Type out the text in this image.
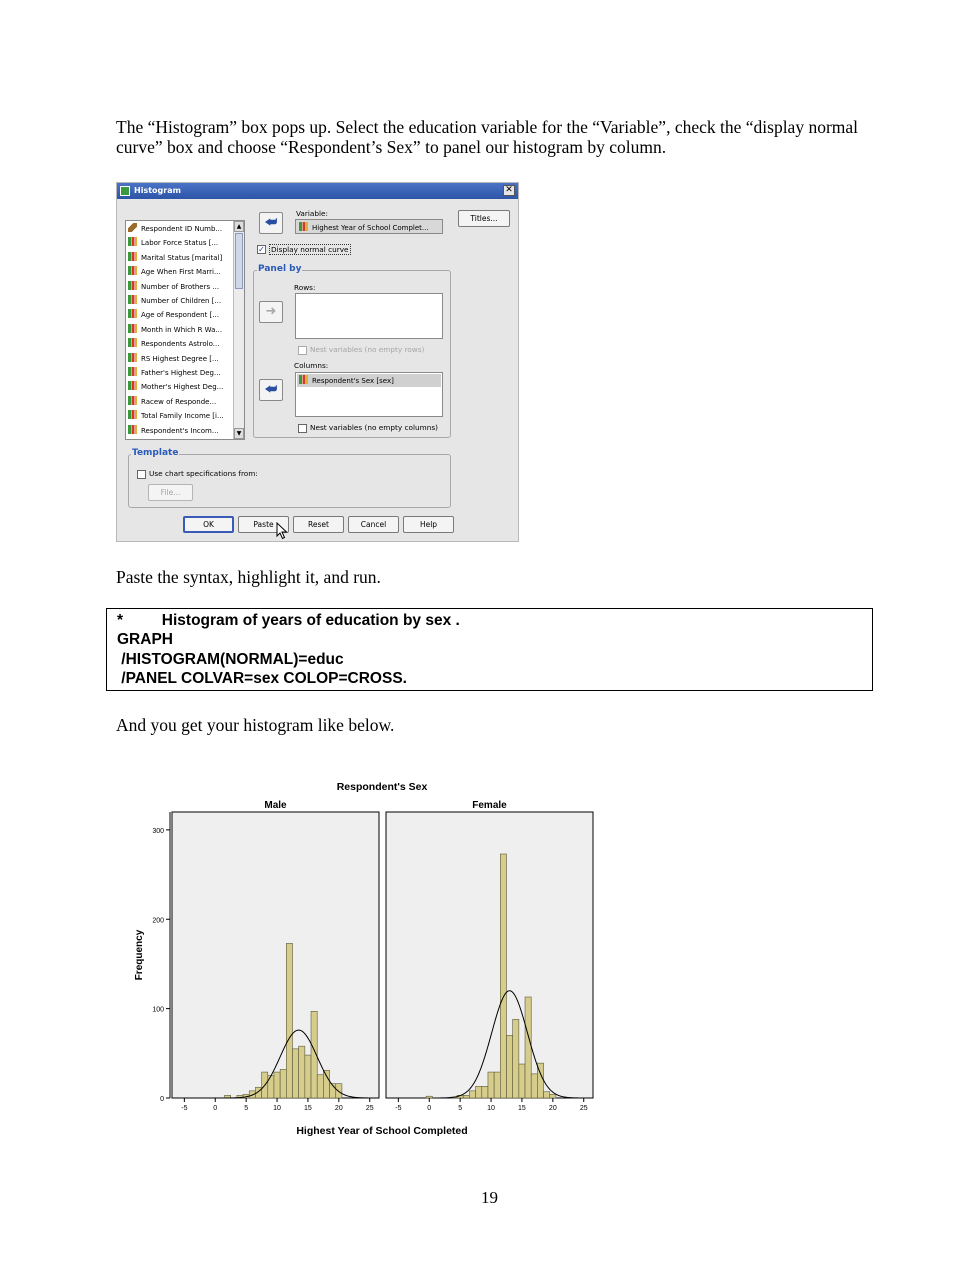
The “Histogram” box pops up. Select the education variable for the “Variable”, check the “display normal curve” box and choose “Respondent’s Sex” to panel our histogram by column.

Histogram	✕
▲
▼
Respondent ID Numb...
Labor Force Status [...
Marital Status [marital]
Age When First Marri...
Number of Brothers ...
Number of Children [...
Age of Respondent [...
Month in Which R Wa...
Respondents Astrolo...
RS Highest Degree [...
Father's Highest Deg...
Mother's Highest Deg...
Racew of Responde...
Total Family Income [i...
Respondent's Incom...
⮨
Variable:
Highest Year of School Complet...
Titles...
✓ Display normal curve
Panel by
Rows:
➜
Nest variables (no empty rows)
Columns:
⮨
Respondent's Sex [sex]
Nest variables (no empty columns)
Template
Use chart specifications from:
File...
OK	Paste	Reset	Cancel	Help

Paste the syntax, highlight it, and run.

*         Histogram of years of education by sex .
GRAPH
/HISTOGRAM(NORMAL)=educ
/PANEL COLVAR=sex COLOP=CROSS.

And you get your histogram like below.

Respondent's Sex
Highest Year of School Completed
Frequency
0
100
200
300
Male
-5	0	5	10	15	20	25
Female
-5	0	5	10	15	20	25
19
